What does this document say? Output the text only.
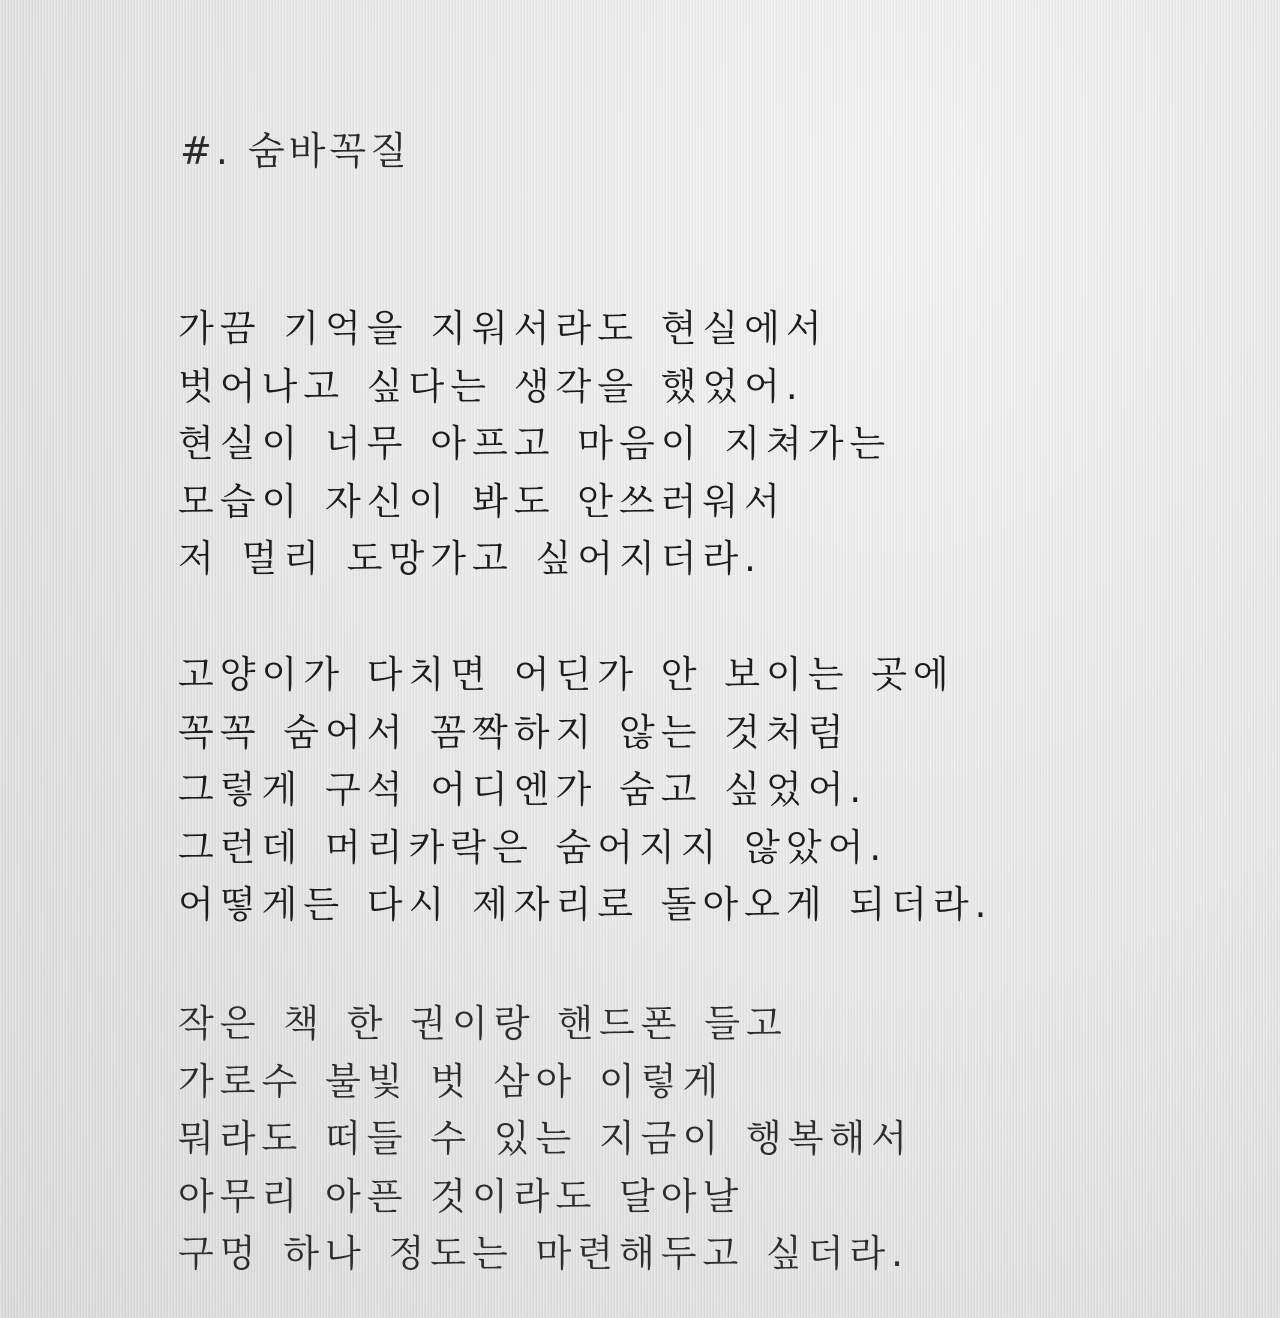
#. 숨바꼭질
가끔 기억을 지워서라도 현실에서
벗어나고 싶다는 생각을 했었어.
현실이 너무 아프고 마음이 지쳐가는
모습이 자신이 봐도 안쓰러워서
저 멀리 도망가고 싶어지더라.
고양이가 다치면 어딘가 안 보이는 곳에
꼭꼭 숨어서 꼼짝하지 않는 것처럼
그렇게 구석 어디엔가 숨고 싶었어.
그런데 머리카락은 숨어지지 않았어.
어떻게든 다시 제자리로 돌아오게 되더라.
작은 책 한 권이랑 핸드폰 들고
가로수 불빛 벗 삼아 이렇게
뭐라도 떠들 수 있는 지금이 행복해서
아무리 아픈 것이라도 달아날
구멍 하나 정도는 마련해두고 싶더라.
